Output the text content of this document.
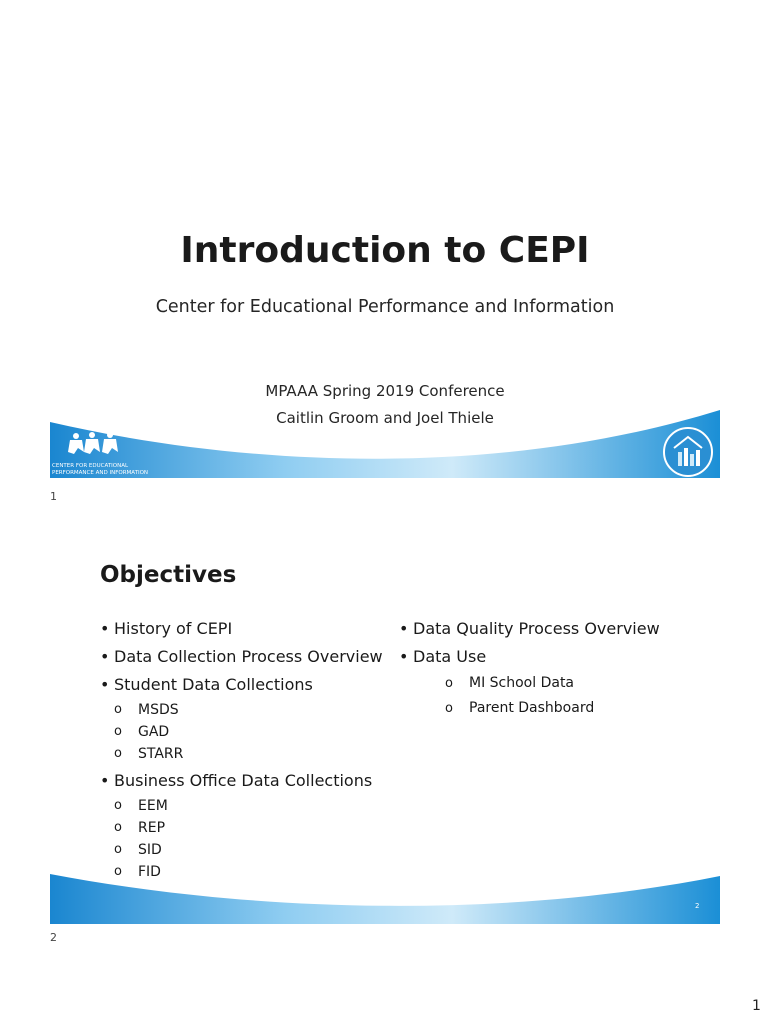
Introduction to CEPI
Center for Educational Performance and Information
MPAAA Spring 2019 Conference
Caitlin Groom and Joel Thiele
CENTER FOR EDUCATIONAL
PERFORMANCE AND INFORMATION
1
Objectives
• History of CEPI
• Data Collection Process Overview
• Student Data Collections
o MSDS
o GAD
o STARR
• Business Office Data Collections
o EEM
o REP
o SID
o FID
• Data Quality Process Overview
• Data Use
o MI School Data
o Parent Dashboard
2
2
1
